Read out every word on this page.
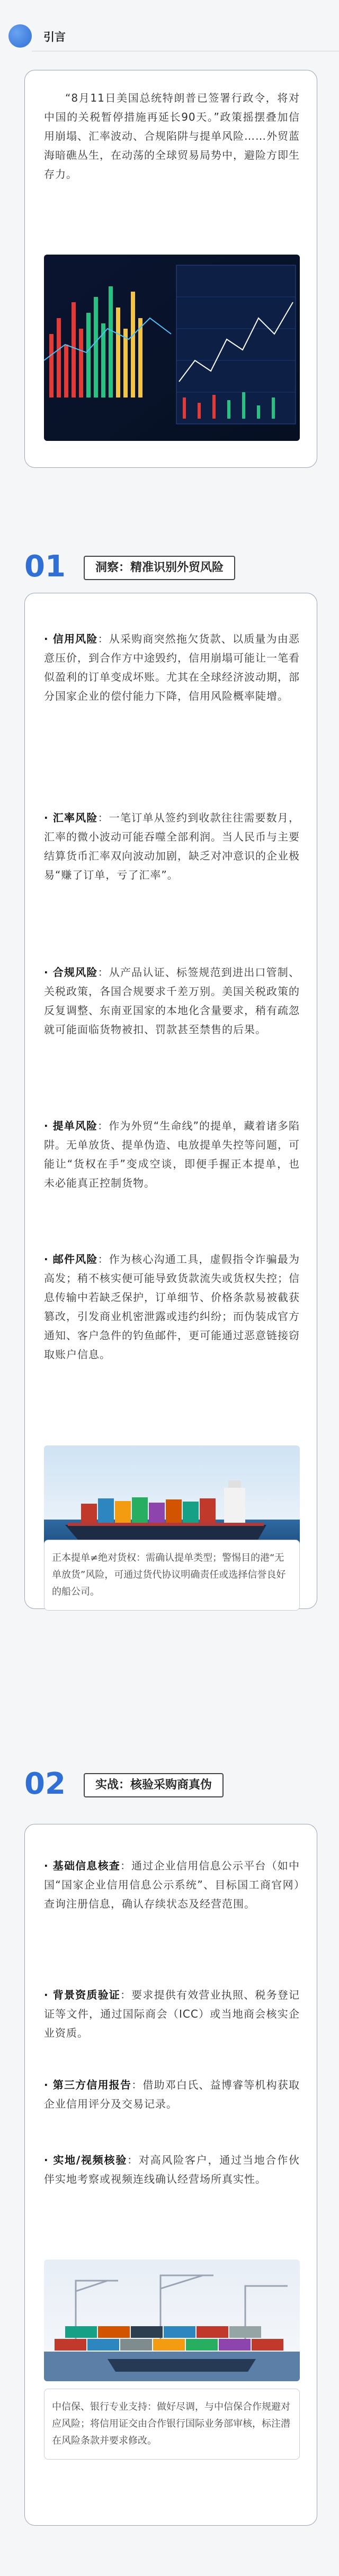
引言
“8月11日美国总统特朗普已签署行政令，将对中国的关税暂停措施再延长90天。”政策摇摆叠加信用崩塌、汇率波动、合规陷阱与提单风险……外贸蓝海暗礁丛生，在动荡的全球贸易局势中，避险方即生存力。
01	洞察：精准识别外贸风险
· 信用风险：从采购商突然拖欠货款、以质量为由恶意压价，到合作方中途毁约，信用崩塌可能让一笔看似盈利的订单变成坏账。尤其在全球经济波动期，部分国家企业的偿付能力下降，信用风险概率陡增。
· 汇率风险：一笔订单从签约到收款往往需要数月，汇率的微小波动可能吞噬全部利润。当人民币与主要结算货币汇率双向波动加剧，缺乏对冲意识的企业极易“赚了订单，亏了汇率”。
· 合规风险：从产品认证、标签规范到进出口管制、关税政策，各国合规要求千差万别。美国关税政策的反复调整、东南亚国家的本地化含量要求，稍有疏忽就可能面临货物被扣、罚款甚至禁售的后果。
· 提单风险：作为外贸“生命线”的提单，藏着诸多陷阱。无单放货、提单伪造、电放提单失控等问题，可能让“货权在手”变成空谈，即便手握正本提单，也未必能真正控制货物。
· 邮件风险：作为核心沟通工具，虚假指令诈骗最为高发；稍不核实便可能导致货款流失或货权失控；信息传输中若缺乏保护，订单细节、价格条款易被截获篡改，引发商业机密泄露或违约纠纷；而伪装成官方通知、客户急件的钓鱼邮件，更可能通过恶意链接窃取账户信息。
正本提单≠绝对货权：需确认提单类型；警惕目的港“无单放货”风险，可通过货代协议明确责任或选择信誉良好的船公司。
02	实战：核验采购商真伪
· 基础信息核查：通过企业信用信息公示平台（如中国“国家企业信用信息公示系统”、目标国工商官网）查询注册信息，确认存续状态及经营范围。
· 背景资质验证：要求提供有效营业执照、税务登记证等文件，通过国际商会（ICC）或当地商会核实企业资质。
· 第三方信用报告：借助邓白氏、益博睿等机构获取企业信用评分及交易记录。
· 实地/视频核验：对高风险客户，通过当地合作伙伴实地考察或视频连线确认经营场所真实性。
中信保、银行专业支持：做好尽调，与中信保合作规避对应风险；将信用证交由合作银行国际业务部审核，标注潜在风险条款并要求修改。
